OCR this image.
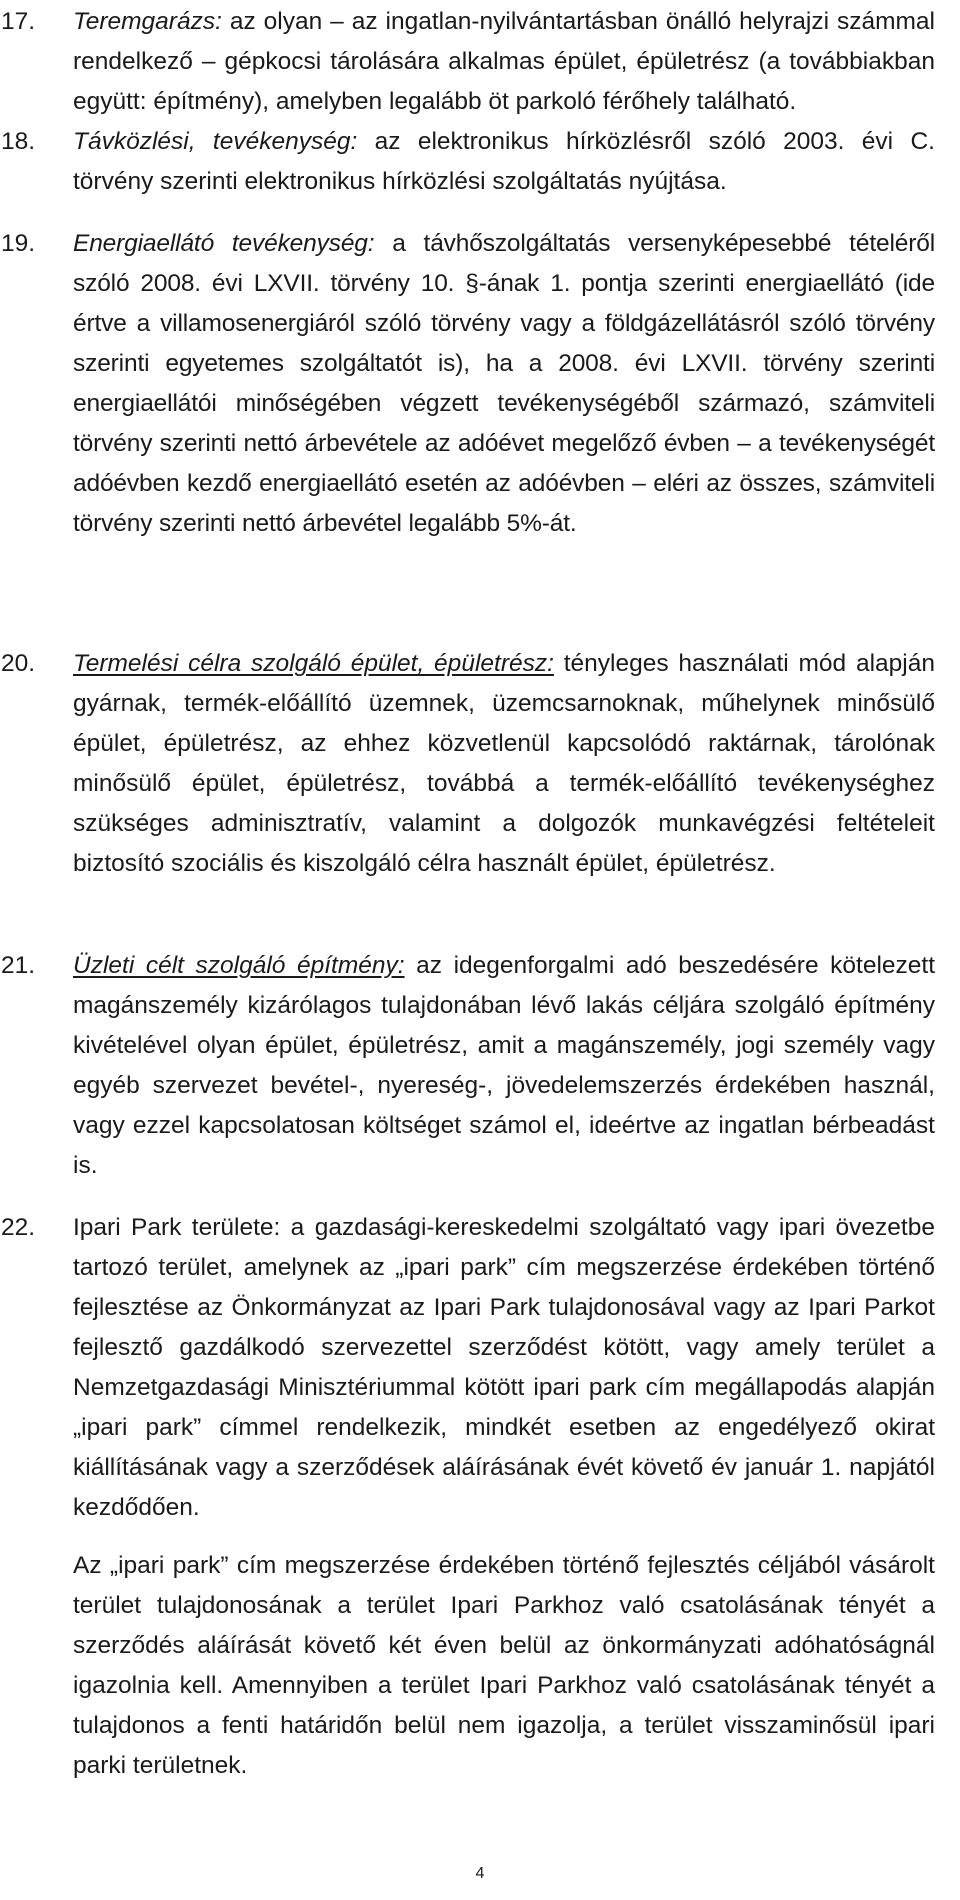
17. Teremgarázs: az olyan – az ingatlan-nyilvántartásban önálló helyrajzi számmal rendelkező – gépkocsi tárolására alkalmas épület, épületrész (a továbbiakban együtt: építmény), amelyben legalább öt parkoló férőhely található.
18. Távközlési, tevékenység: az elektronikus hírközlésről szóló 2003. évi C. törvény szerinti elektronikus hírközlési szolgáltatás nyújtása.
19. Energiaellátó tevékenység: a távhőszolgáltatás versenyképesebbé tételéről szóló 2008. évi LXVII. törvény 10. §-ának 1. pontja szerinti energiaellátó (ide értve a villamosenergiáról szóló törvény vagy a földgázellátásról szóló törvény szerinti egyetemes szolgáltatót is), ha a 2008. évi LXVII. törvény szerinti energiaellátói minőségében végzett tevékenységéből származó, számviteli törvény szerinti nettó árbevétele az adóévet megelőző évben – a tevékenységét adóévben kezdő energiaellátó esetén az adóévben – eléri az összes, számviteli törvény szerinti nettó árbevétel legalább 5%-át.
20. Termelési célra szolgáló épület, épületrész: tényleges használati mód alapján gyárnak, termék-előállító üzemnek, üzemcsarnoknak, műhelynek minősülő épület, épületrész, az ehhez közvetlenül kapcsolódó raktárnak, tárolónak minősülő épület, épületrész, továbbá a termék-előállító tevékenységhez szükséges adminisztratív, valamint a dolgozók munkavégzési feltételeit biztosító szociális és kiszolgáló célra használt épület, épületrész.
21. Üzleti célt szolgáló építmény: az idegenforgalmi adó beszedésére kötelezett magánszemély kizárólagos tulajdonában lévő lakás céljára szolgáló építmény kivételével olyan épület, épületrész, amit a magánszemély, jogi személy vagy egyéb szervezet bevétel-, nyereség-, jövedelemszerzés érdekében használ, vagy ezzel kapcsolatosan költséget számol el, ideértve az ingatlan bérbeadást is.
22. Ipari Park területe: a gazdasági-kereskedelmi szolgáltató vagy ipari övezetbe tartozó terület, amelynek az „ipari park” cím megszerzése érdekében történő fejlesztése az Önkormányzat az Ipari Park tulajdonosával vagy az Ipari Parkot fejlesztő gazdálkodó szervezettel szerződést kötött, vagy amely terület a Nemzetgazdasági Minisztériummal kötött ipari park cím megállapodás alapján „ipari park” címmel rendelkezik, mindkét esetben az engedélyező okirat kiállításának vagy a szerződések aláírásának évét követő év január 1. napjától kezdődően.
Az „ipari park” cím megszerzése érdekében történő fejlesztés céljából vásárolt terület tulajdonosának a terület Ipari Parkhoz való csatolásának tényét a szerződés aláírását követő két éven belül az önkormányzati adóhatóságnál igazolnia kell. Amennyiben a terület Ipari Parkhoz való csatolásának tényét a tulajdonos a fenti határidőn belül nem igazolja, a terület visszaminősül ipari parki területnek.
4
